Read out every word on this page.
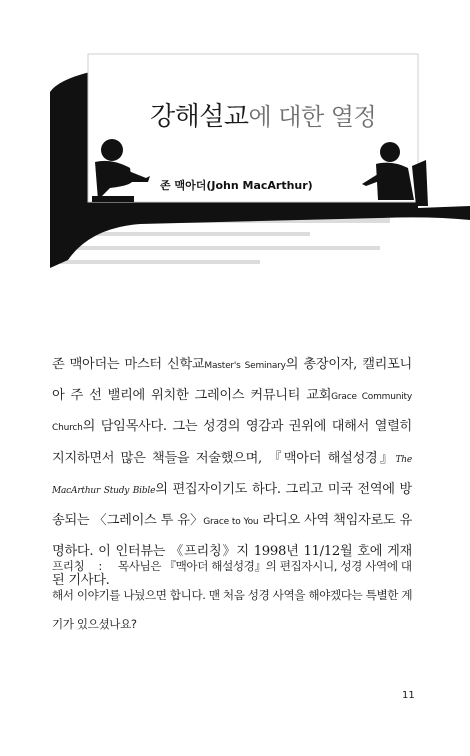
강해설교에 대한 열정
존 맥아더(John MacArthur)

존 맥아더는 마스터 신학교Master's Seminary의 총장이자, 캘리포니아 주 선 밸리에 위치한 그레이스 커뮤니티 교회Grace Community Church의 담임목사다. 그는 성경의 영감과 권위에 대해서 열렬히 지지하면서 많은 책들을 저술했으며, 『맥아더 해설성경』The MacArthur Study Bible의 편집자이기도 하다. 그리고 미국 전역에 방송되는 〈그레이스 투 유〉Grace to You 라디오 사역 책임자로도 유명하다. 이 인터뷰는 《프리칭》지 1998년 11/12월 호에 게재된 기사다.

프리칭 : 목사님은 『맥아더 해설성경』의 편집자시니, 성경 사역에 대해서 이야기를 나눴으면 합니다. 맨 처음 성경 사역을 해야겠다는 특별한 계기가 있으셨나요?

11
